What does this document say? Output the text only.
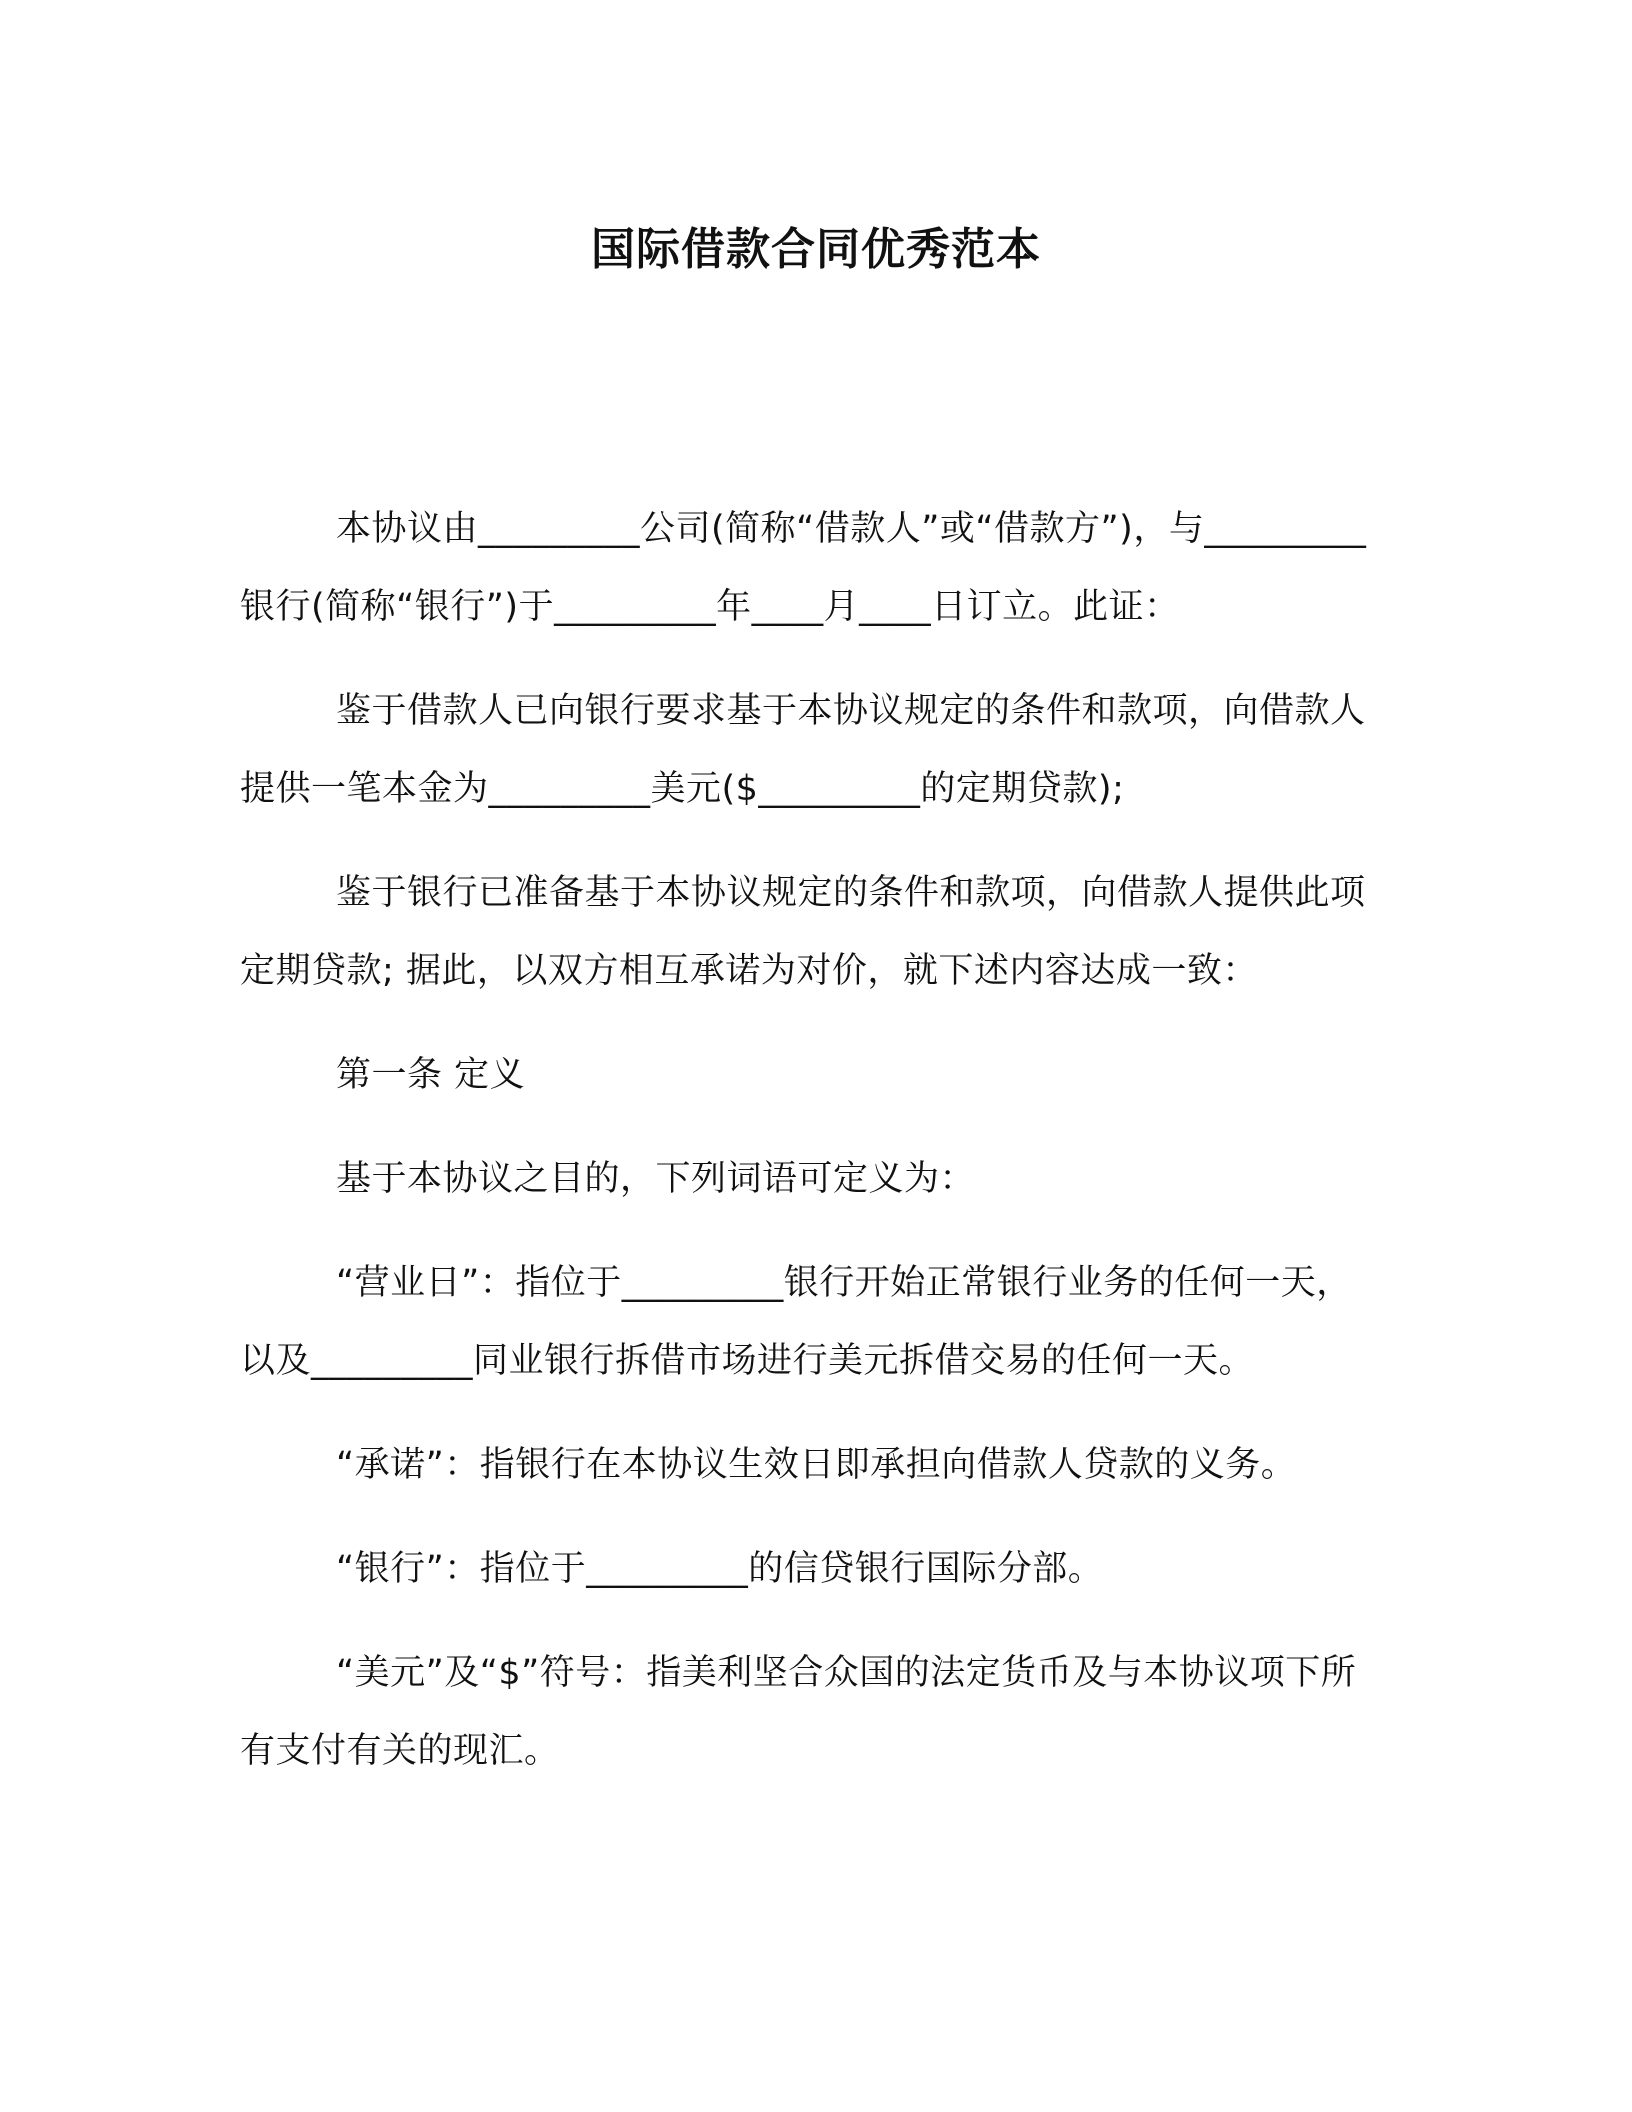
国际借款合同优秀范本

本协议由_________公司(简称“借款人”或“借款方”)，与_________银行(简称“银行”)于_________年____月____日订立。此证：

鉴于借款人已向银行要求基于本协议规定的条件和款项，向借款人提供一笔本金为_________美元($_________的定期贷款);

鉴于银行已准备基于本协议规定的条件和款项，向借款人提供此项定期贷款; 据此，以双方相互承诺为对价，就下述内容达成一致：

第一条 定义

基于本协议之目的，下列词语可定义为：

“营业日”：指位于_________银行开始正常银行业务的任何一天，以及_________同业银行拆借市场进行美元拆借交易的任何一天。

“承诺”：指银行在本协议生效日即承担向借款人贷款的义务。

“银行”：指位于_________的信贷银行国际分部。

“美元”及“$”符号：指美利坚合众国的法定货币及与本协议项下所有支付有关的现汇。
